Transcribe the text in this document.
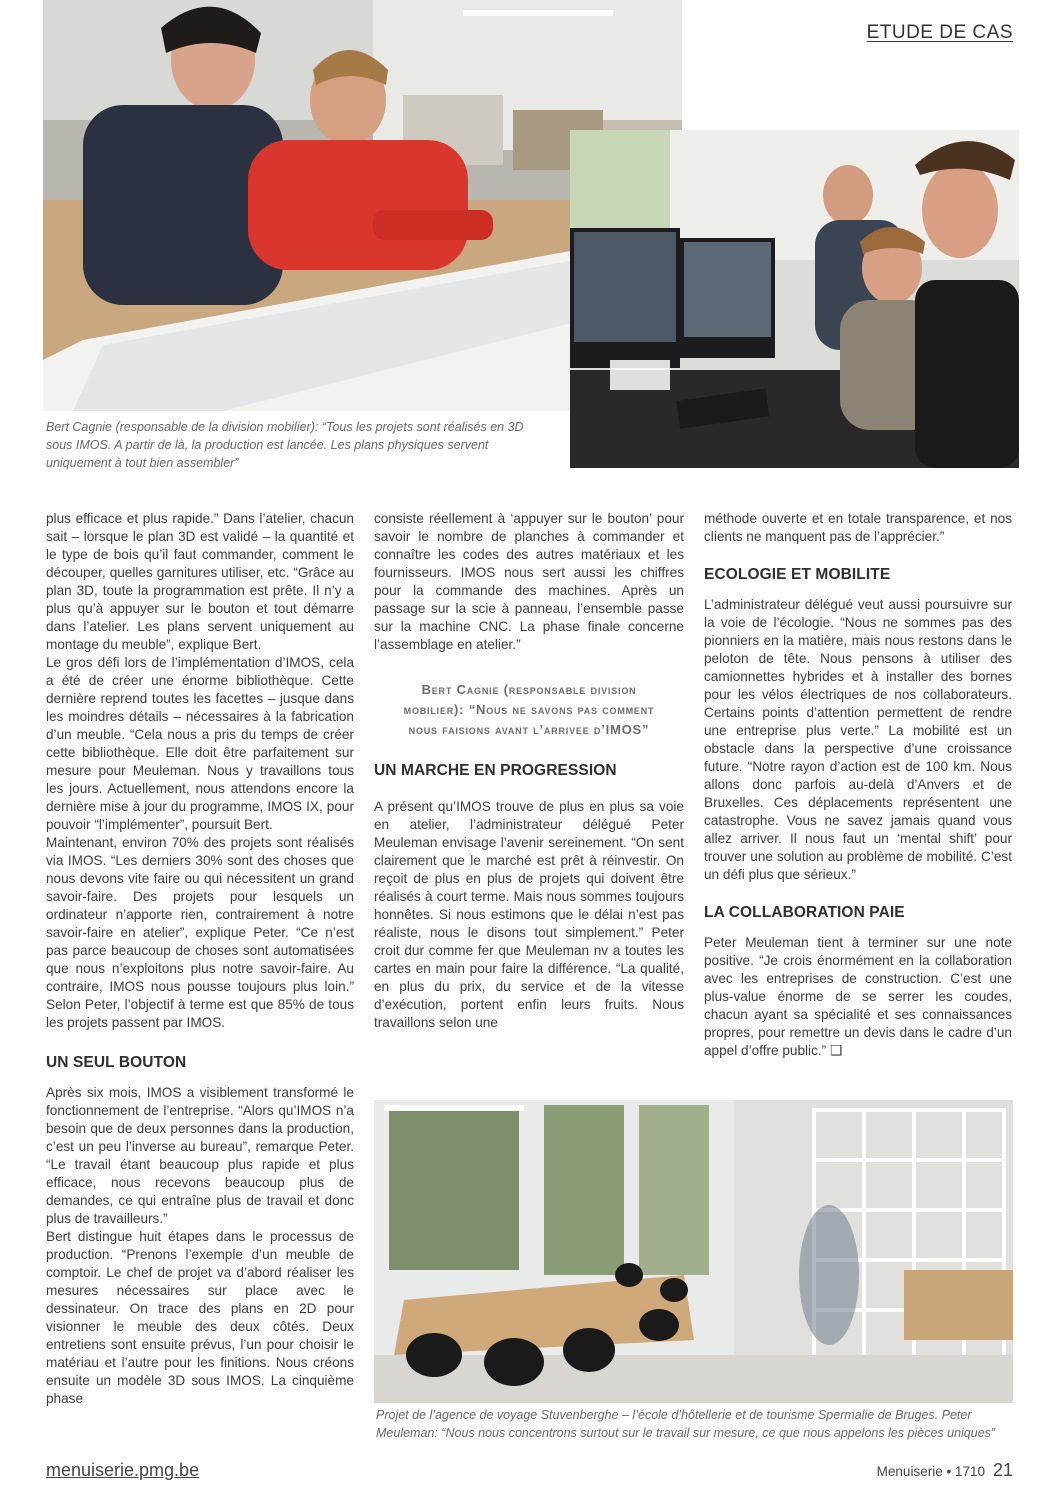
ETUDE DE CAS
Bert Cagnie (responsable de la division mobilier): “Tous les projets sont réalisés en 3D sous IMOS. A partir de là, la production est lancée. Les plans physiques servent uniquement à tout bien assembler”

plus efficace et plus rapide.” Dans l’atelier, chacun sait – lorsque le plan 3D est validé – la quantité et le type de bois qu’il faut commander, comment le découper, quelles garnitures utiliser, etc. “Grâce au plan 3D, toute la programmation est prête. Il n’y a plus qu’à appuyer sur le bouton et tout démarre dans l’atelier. Les plans servent uniquement au montage du meuble”, explique Bert.

Le gros défi lors de l’implémentation d’IMOS, cela a été de créer une énorme bibliothèque. Cette dernière reprend toutes les facettes – jusque dans les moindres détails – nécessaires à la fabrication d’un meuble. “Cela nous a pris du temps de créer cette bibliothèque. Elle doit être parfaitement sur mesure pour Meuleman. Nous y travaillons tous les jours. Actuellement, nous attendons encore la dernière mise à jour du programme, IMOS IX, pour pouvoir “l’implémenter”, poursuit Bert.

Maintenant, environ 70% des projets sont réalisés via IMOS. “Les derniers 30% sont des choses que nous devons vite faire ou qui nécessitent un grand savoir-faire. Des projets pour lesquels un ordinateur n’apporte rien, contrairement à notre savoir-faire en atelier”, explique Peter. “Ce n’est pas parce beaucoup de choses sont automatisées que nous n’exploitons plus notre savoir-faire. Au contraire, IMOS nous pousse toujours plus loin.” Selon Peter, l’objectif à terme est que 85% de tous les projets passent par IMOS.

UN SEUL BOUTON

Après six mois, IMOS a visiblement transformé le fonctionnement de l’entreprise. “Alors qu’IMOS n’a besoin que de deux personnes dans la production, c’est un peu l’inverse au bureau”, remarque Peter. “Le travail étant beaucoup plus rapide et plus efficace, nous recevons beaucoup plus de demandes, ce qui entraîne plus de travail et donc plus de travailleurs.”

Bert distingue huit étapes dans le processus de production. “Prenons l’exemple d’un meuble de comptoir. Le chef de projet va d’abord réaliser les mesures nécessaires sur place avec le dessinateur. On trace des plans en 2D pour visionner le meuble des deux côtés. Deux entretiens sont ensuite prévus, l’un pour choisir le matériau et l’autre pour les finitions. Nous créons ensuite un modèle 3D sous IMOS. La cinquième phase

consiste réellement à ‘appuyer sur le bouton’ pour savoir le nombre de planches à commander et connaître les codes des autres matériaux et les fournisseurs. IMOS nous sert aussi les chiffres pour la commande des machines. Après un passage sur la scie à panneau, l’ensemble passe sur la machine CNC. La phase finale concerne l’assemblage en atelier.”

Bert Cagnie (responsable division mobilier): “Nous ne savons pas comment nous faisions avant l’arrivee d’IMOS”
UN MARCHE EN PROGRESSION

A présent qu’IMOS trouve de plus en plus sa voie en atelier, l’administrateur délégué Peter Meuleman envisage l’avenir sereinement. “On sent clairement que le marché est prêt à réinvestir. On reçoit de plus en plus de projets qui doivent être réalisés à court terme. Mais nous sommes toujours honnêtes. Si nous estimons que le délai n’est pas réaliste, nous le disons tout simplement.” Peter croit dur comme fer que Meuleman nv a toutes les cartes en main pour faire la différence. “La qualité, en plus du prix, du service et de la vitesse d’exécution, portent enfin leurs fruits. Nous travaillons selon une

méthode ouverte et en totale transparence, et nos clients ne manquent pas de l’apprécier.”

ECOLOGIE ET MOBILITE

L’administrateur délégué veut aussi poursuivre sur la voie de l’écologie. “Nous ne sommes pas des pionniers en la matière, mais nous restons dans le peloton de tête. Nous pensons à utiliser des camionnettes hybrides et à installer des bornes pour les vélos électriques de nos collaborateurs. Certains points d’attention permettent de rendre une entreprise plus verte.” La mobilité est un obstacle dans la perspective d’une croissance future. “Notre rayon d’action est de 100 km. Nous allons donc parfois au-delà d’Anvers et de Bruxelles. Ces déplacements représentent une catastrophe. Vous ne savez jamais quand vous allez arriver. Il nous faut un ‘mental shift’ pour trouver une solution au problème de mobilité. C’est un défi plus que sérieux.”

LA COLLABORATION PAIE

Peter Meuleman tient à terminer sur une note positive. “Je crois énormément en la collaboration avec les entreprises de construction. C’est une plus-value énorme de se serrer les coudes, chacun ayant sa spécialité et ses connaissances propres, pour remettre un devis dans le cadre d’un appel d’offre public.” ❑

Projet de l’agence de voyage Stuvenberghe – l’école d’hôtellerie et de tourisme Spermalie de Bruges. Peter Meuleman: “Nous nous concentrons surtout sur le travail sur mesure, ce que nous appelons les pièces uniques”
menuiserie.pmg.be	Menuiserie • 1710 21
